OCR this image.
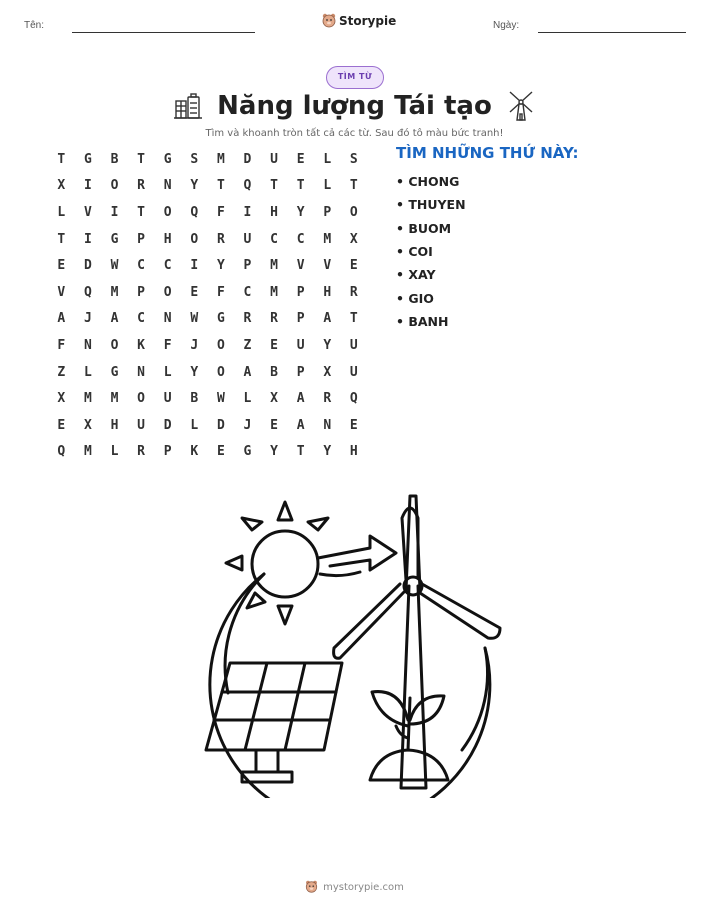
Tên:	Storypie	Ngày:
TÌM TỪ
Năng lượng Tái tạo
Tìm và khoanh tròn tất cả các từ. Sau đó tô màu bức tranh!
T	G	B	T	G	S	M	D	U	E	L	S
X	I	O	R	N	Y	T	Q	T	T	L	T
L	V	I	T	O	Q	F	I	H	Y	P	O
T	I	G	P	H	O	R	U	C	C	M	X
E	D	W	C	C	I	Y	P	M	V	V	E
V	Q	M	P	O	E	F	C	M	P	H	R
A	J	A	C	N	W	G	R	R	P	A	T
F	N	O	K	F	J	O	Z	E	U	Y	U
Z	L	G	N	L	Y	O	A	B	P	X	U
X	M	M	O	U	B	W	L	X	A	R	Q
E	X	H	U	D	L	D	J	E	A	N	E
Q	M	L	R	P	K	E	G	Y	T	Y	H
TÌM NHỮNG THỨ NÀY:
• CHONG
• THUYEN
• BUOM
• COI
• XAY
• GIO
• BANH
mystorypie.com
